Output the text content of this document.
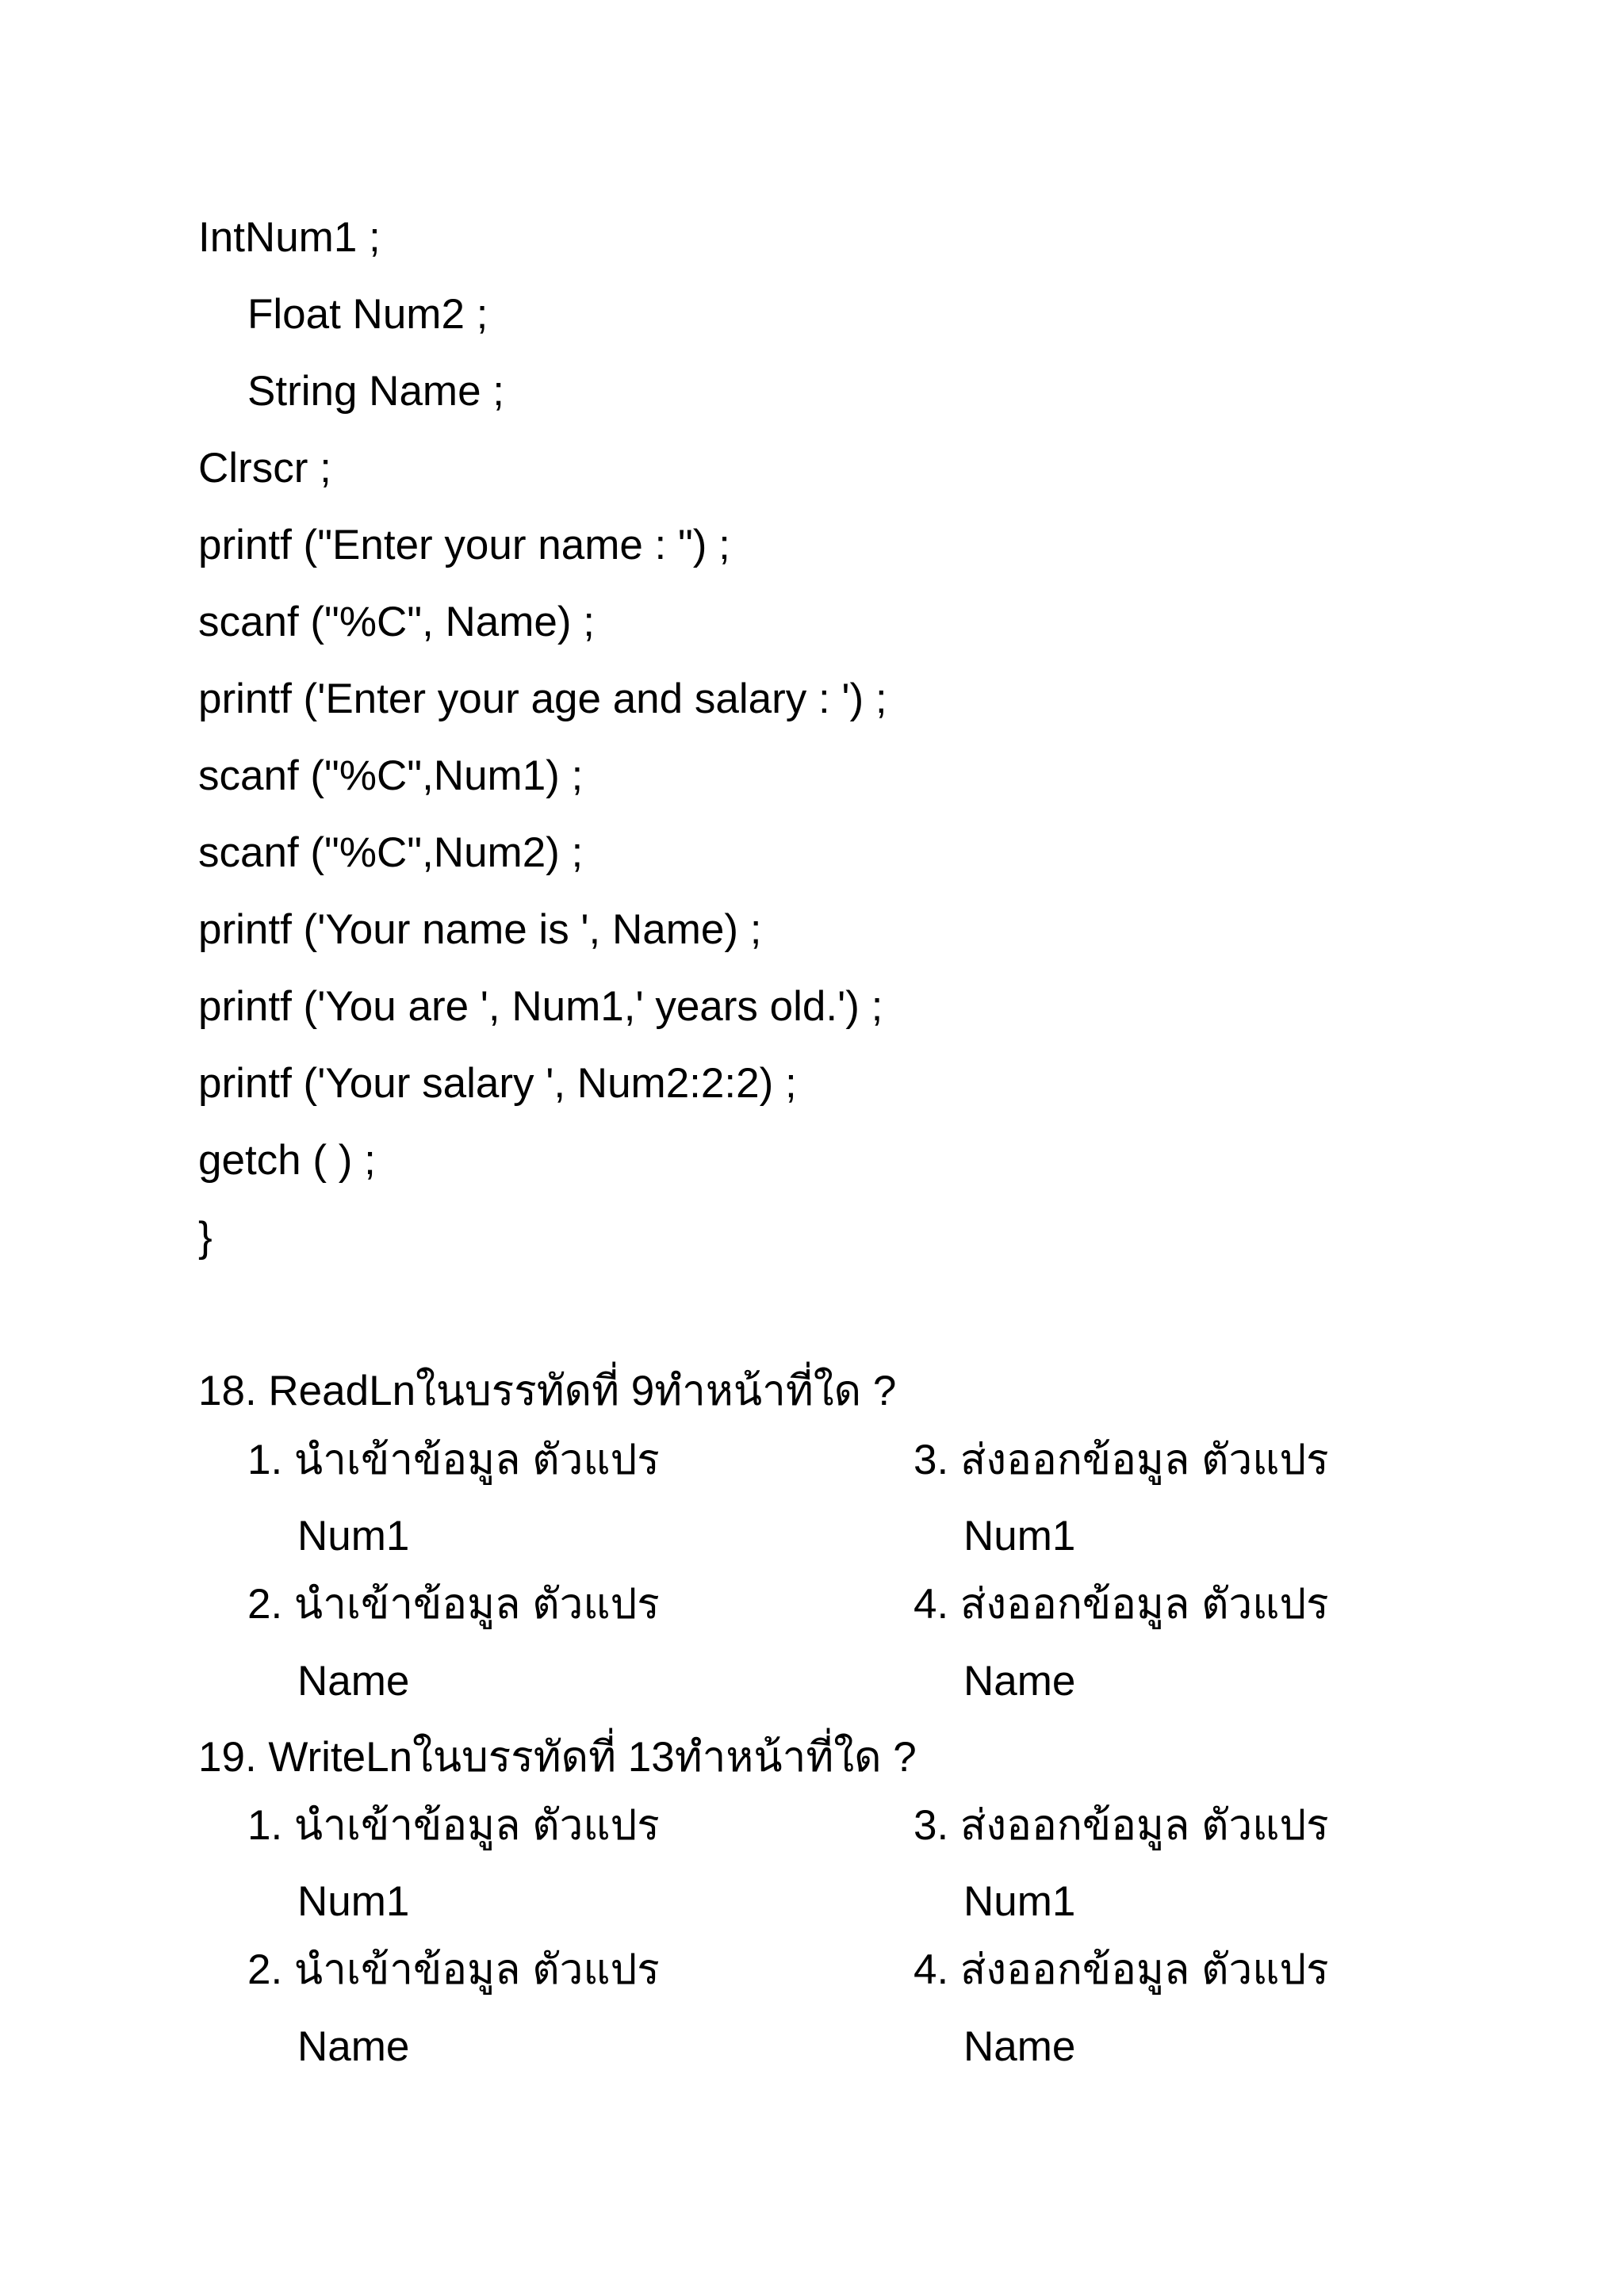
IntNum1 ;
Float Num2 ;
String Name ;
Clrscr ;
printf ("Enter your name : ") ;
scanf ("%C", Name) ;
printf ('Enter your age and salary : ') ;
scanf ("%C",Num1) ;
scanf ("%C",Num2) ;
printf ('Your name is ', Name) ;
printf ('You are ', Num1,' years old.') ;
printf ('Your salary ', Num2:2:2) ;
getch ( ) ;
}
18. ReadLnในบรรทัดที่ 9ทำหน้าที่ใด ?
1. นำเข้าข้อมูล ตัวแปร
Num1
2. นำเข้าข้อมูล ตัวแปร
Name
3. ส่งออกข้อมูล ตัวแปร
Num1
4. ส่งออกข้อมูล ตัวแปร
Name
19. WriteLnในบรรทัดที่ 13ทำหน้าที่ใด ?
1. นำเข้าข้อมูล ตัวแปร
Num1
2. นำเข้าข้อมูล ตัวแปร
Name
3. ส่งออกข้อมูล ตัวแปร
Num1
4. ส่งออกข้อมูล ตัวแปร
Name
